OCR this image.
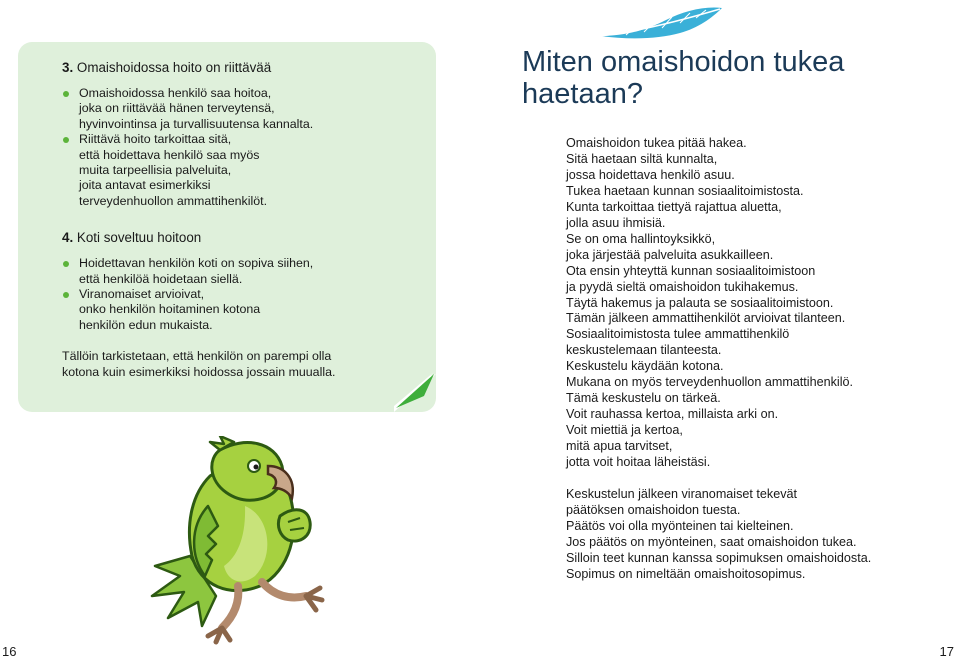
3. Omaishoidossa hoito on riittävää

Omaishoidossa henkilö saa hoitoa,
joka on riittävää hänen terveytensä,
hyvinvointinsa ja turvallisuutensa kannalta.
Riittävä hoito tarkoittaa sitä,
että hoidettava henkilö saa myös
muita tarpeellisia palveluita,
joita antavat esimerkiksi
terveydenhuollon ammattihenkilöt.

4. Koti soveltuu hoitoon

Hoidettavan henkilön koti on sopiva siihen,
että henkilöä hoidetaan siellä.
Viranomaiset arvioivat,
onko henkilön hoitaminen kotona
henkilön edun mukaista.

Tällöin tarkistetaan, että henkilön on parempi olla
kotona kuin esimerkiksi hoidossa jossain muualla.

Miten omaishoidon tukea
haetaan?
Omaishoidon tukea pitää hakea.
Sitä haetaan siltä kunnalta,
jossa hoidettava henkilö asuu.
Tukea haetaan kunnan sosiaalitoimistosta.
Kunta tarkoittaa tiettyä rajattua aluetta,
jolla asuu ihmisiä.
Se on oma hallintoyksikkö,
joka järjestää palveluita asukkailleen.
Ota ensin yhteyttä kunnan sosiaalitoimistoon
ja pyydä sieltä omaishoidon tukihakemus.
Täytä hakemus ja palauta se sosiaalitoimistoon.
Tämän jälkeen ammattihenkilöt arvioivat tilanteen.
Sosiaalitoimistosta tulee ammattihenkilö
keskustelemaan tilanteesta.
Keskustelu käydään kotona.
Mukana on myös terveydenhuollon ammattihenkilö.
Tämä keskustelu on tärkeä.
Voit rauhassa kertoa, millaista arki on.
Voit miettiä ja kertoa,
mitä apua tarvitset,
jotta voit hoitaa läheistäsi.
Keskustelun jälkeen viranomaiset tekevät
päätöksen omaishoidon tuesta.
Päätös voi olla myönteinen tai kielteinen.
Jos päätös on myönteinen, saat omaishoidon tukea.
Silloin teet kunnan kanssa sopimuksen omaishoidosta.
Sopimus on nimeltään omaishoitosopimus.
16	17
